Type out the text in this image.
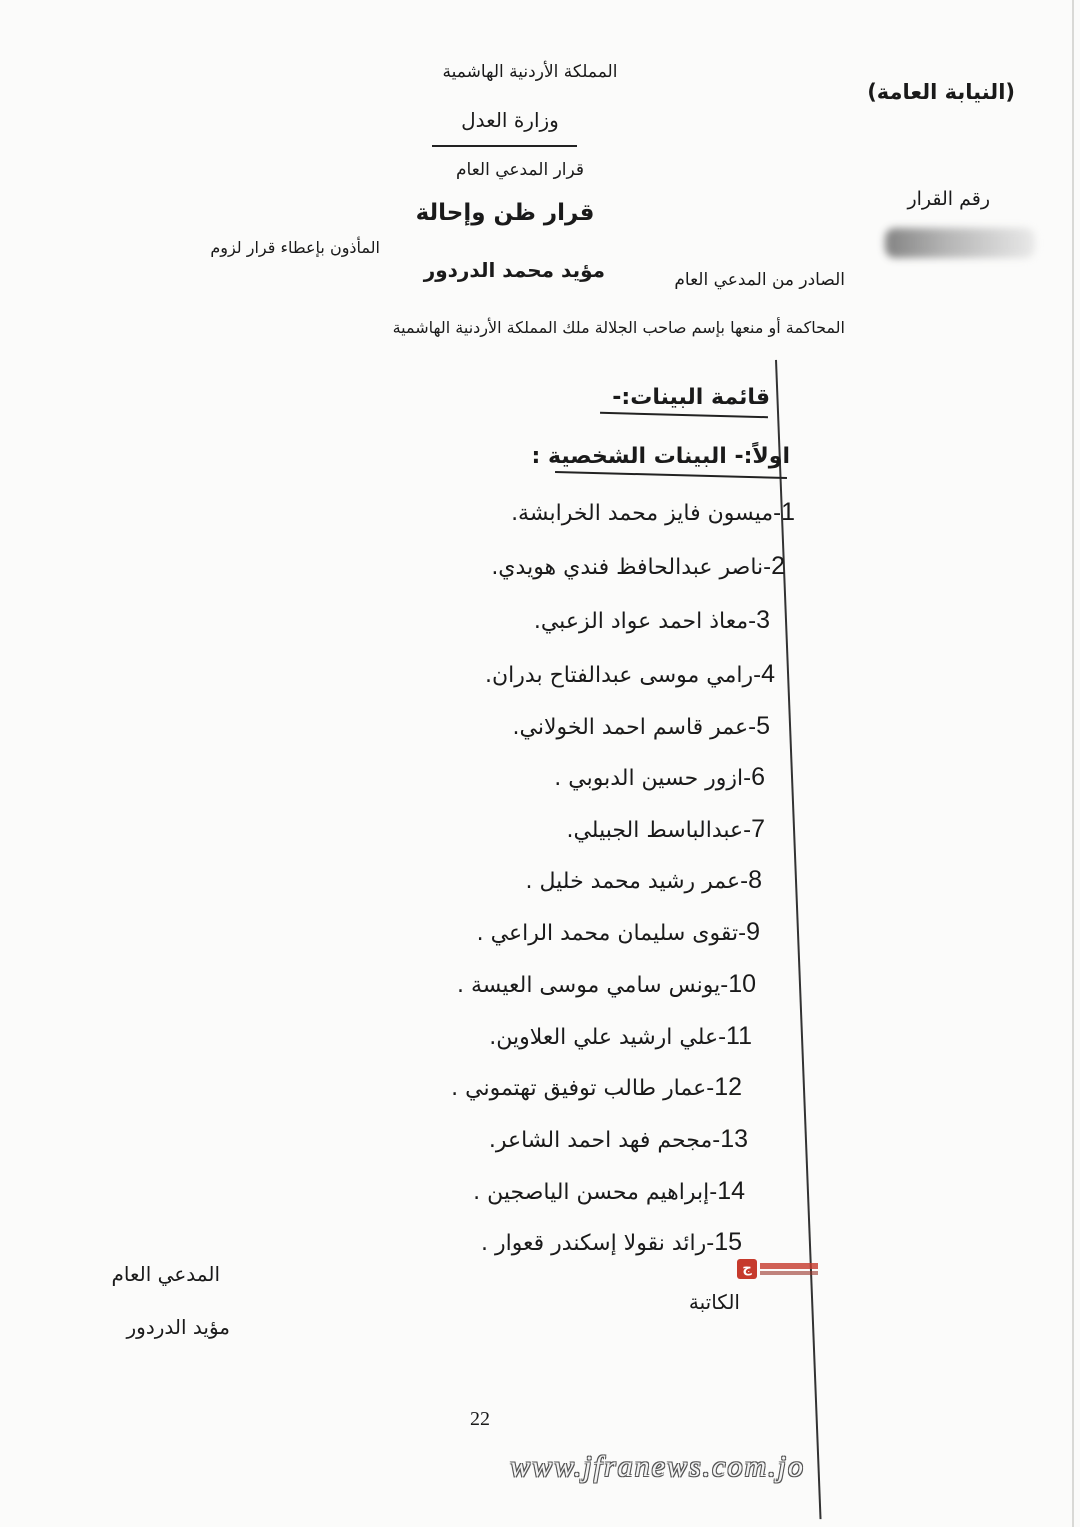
المملكة الأردنية الهاشمية
وزارة العدل
قرار المدعي العام
قرار ظن وإحالة
(النيابة العامة)
رقم القرار
الصادر من المدعي العام
مؤيد محمد الدردور
المأذون بإعطاء قرار لزوم
المحاكمة أو منعها بإسم صاحب الجلالة ملك المملكة الأردنية الهاشمية
قائمة البينات:-
اولاً:- البينات الشخصية :
1-ميسون فايز محمد الخرابشة.
2-ناصر عبدالحافظ فندي هويدي.
3-معاذ احمد عواد الزعبي.
4-رامي موسى عبدالفتاح بدران.
5-عمر قاسم احمد الخولاني.
6-ازور حسين الدبوبي .
7-عبدالباسط الجبيلي.
8-عمر رشيد محمد خليل .
9-تقوى سليمان محمد الراعي .
10-يونس سامي موسى العيسة .
11-علي ارشيد علي العلاوين.
12-عمار طالب توفيق تهتموني .
13-مجحم فهد احمد الشاعر.
14-إبراهيم محسن الياصجين .
15-رائد نقولا إسكندر قعوار .
ج
المدعي العام
مؤيد الدردور
الكاتبة
22
www.jfranews.com.jo
